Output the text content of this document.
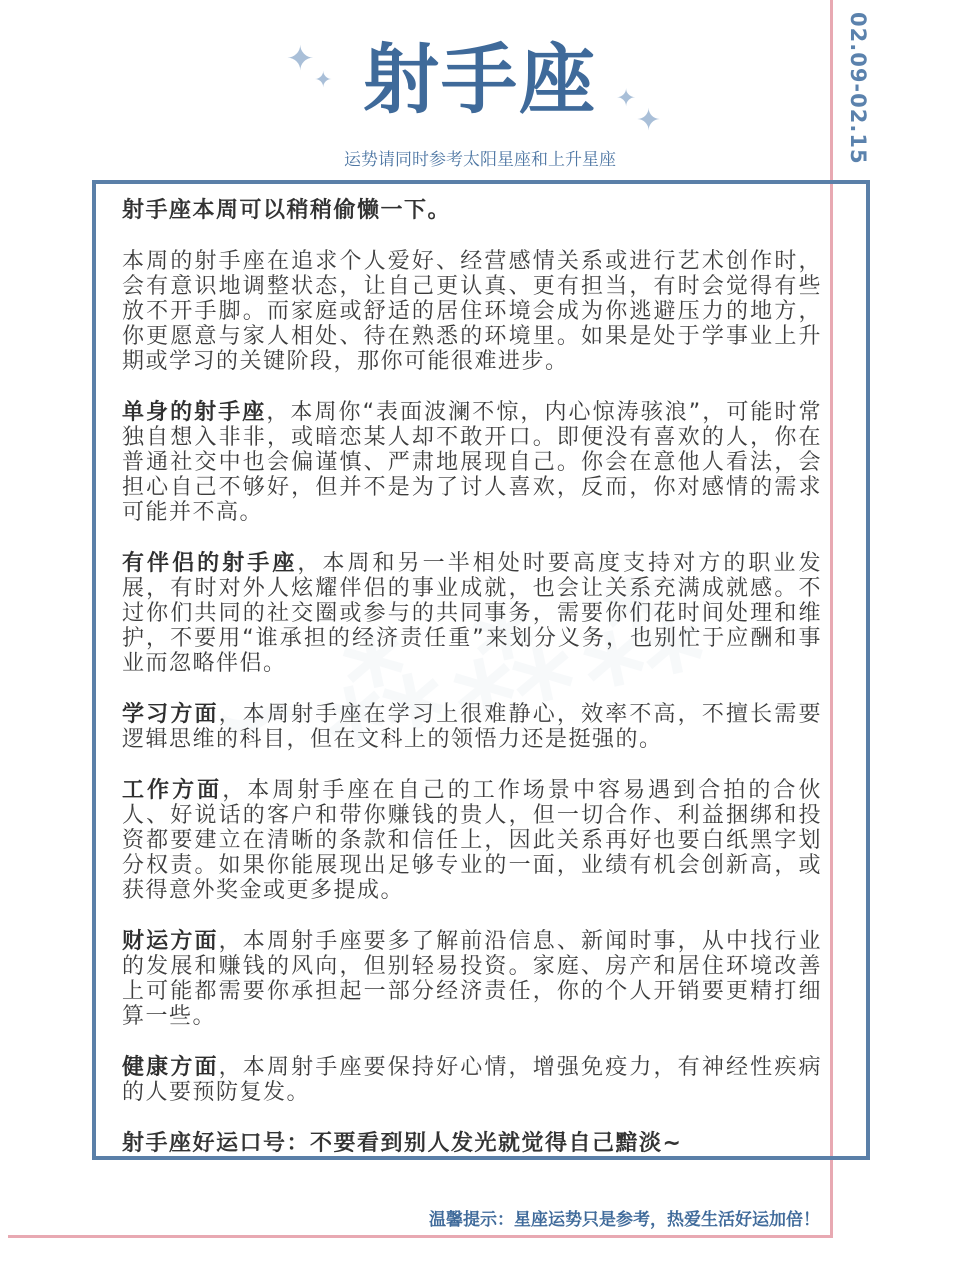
02.09-02.15
✦
✦
✦
✦
射手座
运势请同时参考太阳星座和上升星座

射手座本周可以稍稍偷懒一下。

本周的射手座在追求个人爱好、经营感情关系或进行艺术创作时，会有意识地调整状态，让自己更认真、更有担当，有时会觉得有些放不开手脚。而家庭或舒适的居住环境会成为你逃避压力的地方，你更愿意与家人相处、待在熟悉的环境里。如果是处于学事业上升期或学习的关键阶段，那你可能很难进步。

单身的射手座，本周你“表面波澜不惊，内心惊涛骇浪”，可能时常独自想入非非，或暗恋某人却不敢开口。即便没有喜欢的人，你在普通社交中也会偏谨慎、严肃地展现自己。你会在意他人看法，会担心自己不够好，但并不是为了讨人喜欢，反而，你对感情的需求可能并不高。

有伴侣的射手座，本周和另一半相处时要高度支持对方的职业发展，有时对外人炫耀伴侣的事业成就，也会让关系充满成就感。不过你们共同的社交圈或参与的共同事务，需要你们花时间处理和维护，不要用“谁承担的经济责任重”来划分义务，也别忙于应酬和事业而忽略伴侣。

学习方面，本周射手座在学习上很难静心，效率不高，不擅长需要逻辑思维的科目，但在文科上的领悟力还是挺强的。

工作方面，本周射手座在自己的工作场景中容易遇到合拍的合伙人、好说话的客户和带你赚钱的贵人，但一切合作、利益捆绑和投资都要建立在清晰的条款和信任上，因此关系再好也要白纸黑字划分权责。如果你能展现出足够专业的一面，业绩有机会创新高，或获得意外奖金或更多提成。

财运方面，本周射手座要多了解前沿信息、新闻时事，从中找行业的发展和赚钱的风向，但别轻易投资。家庭、房产和居住环境改善上可能都需要你承担起一部分经济责任，你的个人开销要更精打细算一些。

健康方面，本周射手座要保持好心情，增强免疫力，有神经性疾病的人要预防复发。

射手座好运口号：不要看到别人发光就觉得自己黯淡~

温馨提示：星座运势只是参考，热爱生活好运加倍！
